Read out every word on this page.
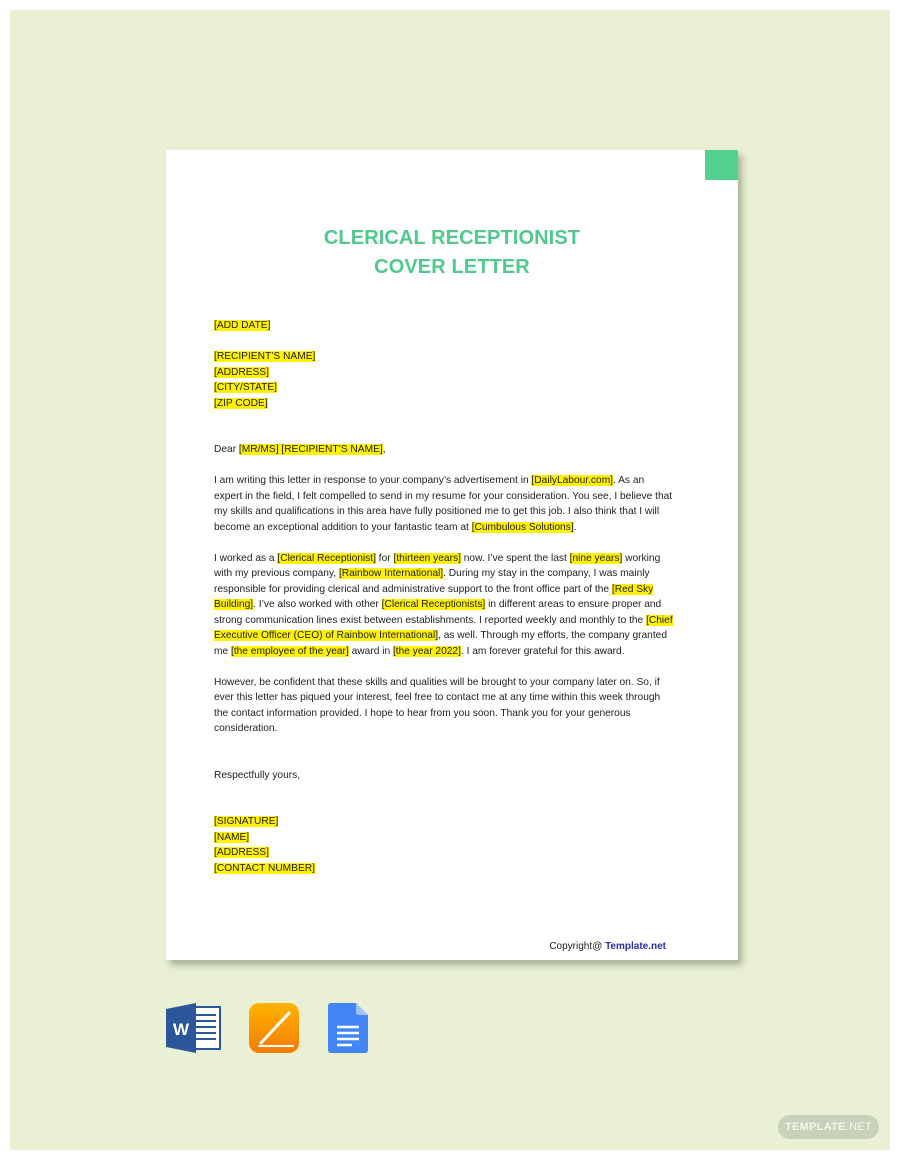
CLERICAL RECEPTIONIST
COVER LETTER
[ADD DATE]
[RECIPIENT’S NAME]
[ADDRESS]
[CITY/STATE]
[ZIP CODE]

Dear [MR/MS] [RECIPIENT’S NAME],

I am writing this letter in response to your company’s advertisement in [DailyLabour.com]. As an expert in the field, I felt compelled to send in my resume for your consideration. You see, I believe that my skills and qualifications in this area have fully positioned me to get this job. I also think that I will become an exceptional addition to your fantastic team at [Cumbulous Solutions].

I worked as a [Clerical Receptionist] for [thirteen years] now. I’ve spent the last [nine years] working with my previous company, [Rainbow International]. During my stay in the company, I was mainly responsible for providing clerical and administrative support to the front office part of the [Red Sky Building]. I’ve also worked with other [Clerical Receptionists] in different areas to ensure proper and strong communication lines exist between establishments. I reported weekly and monthly to the [Chief Executive Officer (CEO) of Rainbow International], as well. Through my efforts, the company granted me [the employee of the year] award in [the year 2022]. I am forever grateful for this award.

However, be confident that these skills and qualities will be brought to your company later on. So, if ever this letter has piqued your interest, feel free to contact me at any time within this week through the contact information provided. I hope to hear from you soon. Thank you for your generous consideration.

Respectfully yours,

[SIGNATURE]
[NAME]
[ADDRESS]
[CONTACT NUMBER]
Copyright@ Template.net
W
TEMPLATE.NET
